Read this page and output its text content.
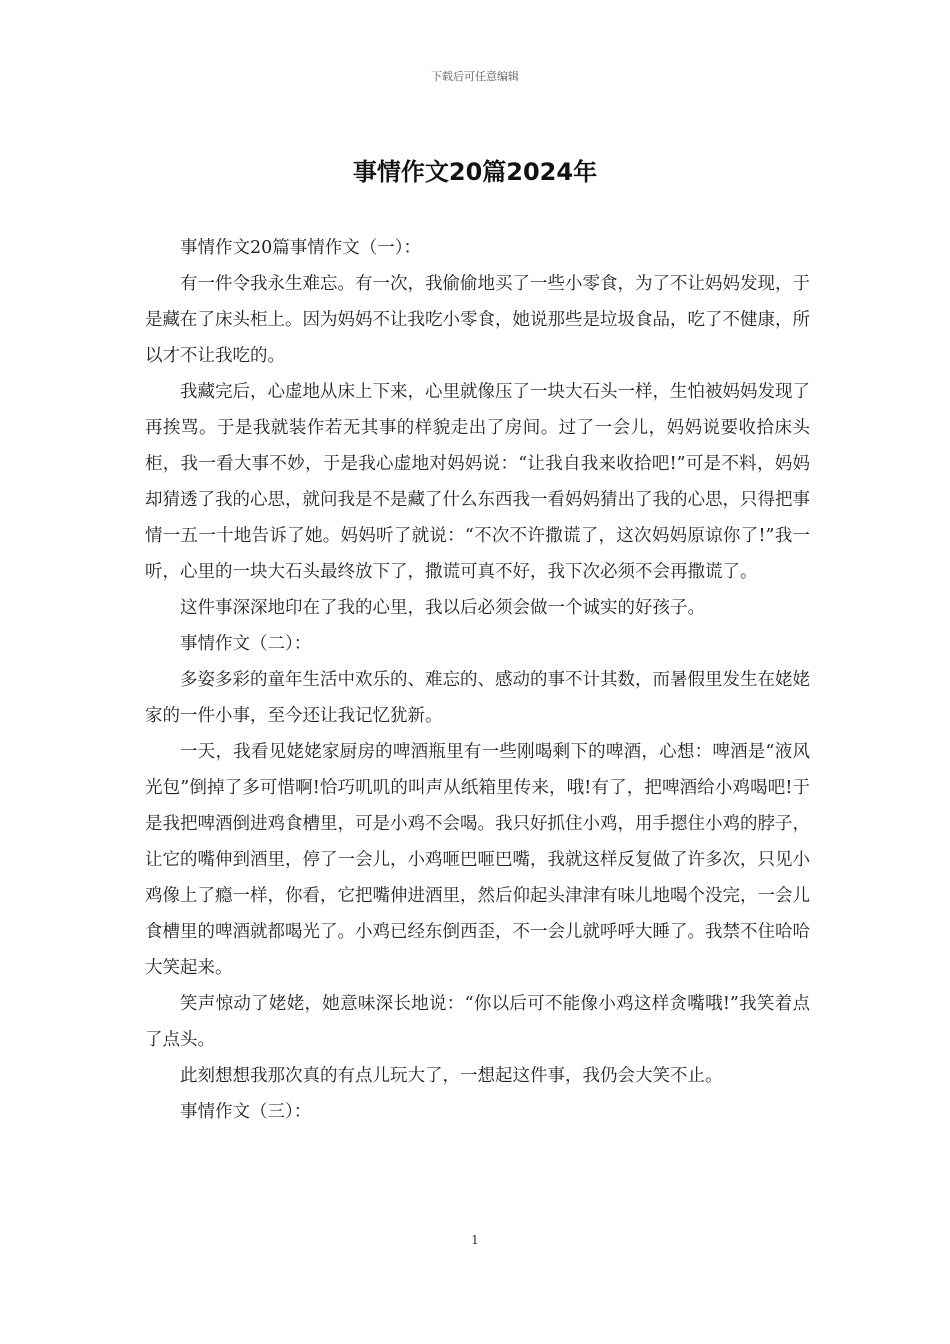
下载后可任意编辑
事情作文20篇2024年

事情作文20篇事情作文（一）：

有一件令我永生难忘。有一次，我偷偷地买了一些小零食，为了不让妈妈发现，于是藏在了床头柜上。因为妈妈不让我吃小零食，她说那些是垃圾食品，吃了不健康，所以才不让我吃的。

我藏完后，心虚地从床上下来，心里就像压了一块大石头一样，生怕被妈妈发现了再挨骂。于是我就装作若无其事的样貌走出了房间。过了一会儿，妈妈说要收拾床头柜，我一看大事不妙，于是我心虚地对妈妈说：“让我自我来收拾吧!”可是不料，妈妈却猜透了我的心思，就问我是不是藏了什么东西我一看妈妈猜出了我的心思，只得把事情一五一十地告诉了她。妈妈听了就说：“不次不许撒谎了，这次妈妈原谅你了!”我一听，心里的一块大石头最终放下了，撒谎可真不好，我下次必须不会再撒谎了。

这件事深深地印在了我的心里，我以后必须会做一个诚实的好孩子。

事情作文（二）：

多姿多彩的童年生活中欢乐的、难忘的、感动的事不计其数，而暑假里发生在姥姥家的一件小事，至今还让我记忆犹新。

一天，我看见姥姥家厨房的啤酒瓶里有一些刚喝剩下的啤酒，心想：啤酒是“液风光包”倒掉了多可惜啊!恰巧叽叽的叫声从纸箱里传来，哦!有了，把啤酒给小鸡喝吧!于是我把啤酒倒进鸡食槽里，可是小鸡不会喝。我只好抓住小鸡，用手摁住小鸡的脖子，让它的嘴伸到酒里，停了一会儿，小鸡咂巴咂巴嘴，我就这样反复做了许多次，只见小鸡像上了瘾一样，你看，它把嘴伸进酒里，然后仰起头津津有味儿地喝个没完，一会儿食槽里的啤酒就都喝光了。小鸡已经东倒西歪，不一会儿就呼呼大睡了。我禁不住哈哈大笑起来。

笑声惊动了姥姥，她意味深长地说：“你以后可不能像小鸡这样贪嘴哦!”我笑着点了点头。

此刻想想我那次真的有点儿玩大了，一想起这件事，我仍会大笑不止。

事情作文（三）：

1
